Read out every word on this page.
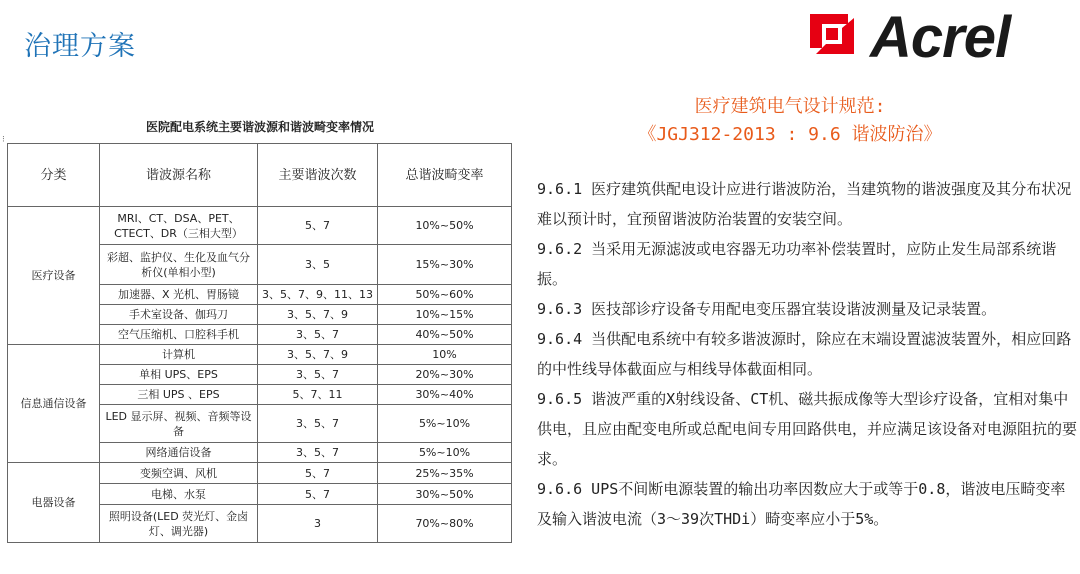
治理方案	Acrel
医院配电系统主要谐波源和谐波畸变率情况
⁝
分类	谐波源名称	主要谐波次数	总谐波畸变率
医疗设备	MRI、CT、DSA、PET、CTECT、DR（三相大型）	5、7	10%~50%
	彩超、监护仪、生化及血气分析仪(单相小型)	3、5	15%~30%
	加速器、X 光机、胃肠镜	3、5、7、9、11、13	50%~60%
	手术室设备、伽玛刀	3、5、7、9	10%~15%
	空气压缩机、口腔科手机	3、5、7	40%~50%
信息通信设备	计算机	3、5、7、9	10%
	单相 UPS、EPS	3、5、7	20%~30%
	三相 UPS 、EPS	5、7、11	30%~40%
	LED 显示屏、视频、音频等设备	3、5、7	5%~10%
	网络通信设备	3、5、7	5%~10%
电器设备	变频空调、风机	5、7	25%~35%
	电梯、水泵	5、7	30%~50%
	照明设备(LED 荧光灯、金卤灯、调光器)	3	70%~80%
医疗建筑电气设计规范:
《JGJ312-2013 : 9.6 谐波防治》
9.6.1 医疗建筑供配电设计应进行谐波防治，当建筑物的谐波强度及其分布状况难以预计时，宜预留谐波防治装置的安装空间。
9.6.2 当采用无源滤波或电容器无功功率补偿装置时，应防止发生局部系统谐振。
9.6.3 医技部诊疗设备专用配电变压器宜装设谐波测量及记录装置。
9.6.4 当供配电系统中有较多谐波源时，除应在末端设置滤波装置外，相应回路的中性线导体截面应与相线导体截面相同。
9.6.5 谐波严重的X射线设备、CT机、磁共振成像等大型诊疗设备，宜相对集中供电，且应由配变电所或总配电间专用回路供电，并应满足该设备对电源阻抗的要求。
9.6.6 UPS不间断电源装置的输出功率因数应大于或等于0.8，谐波电压畸变率及输入谐波电流（3～39次THDi）畸变率应小于5%。
